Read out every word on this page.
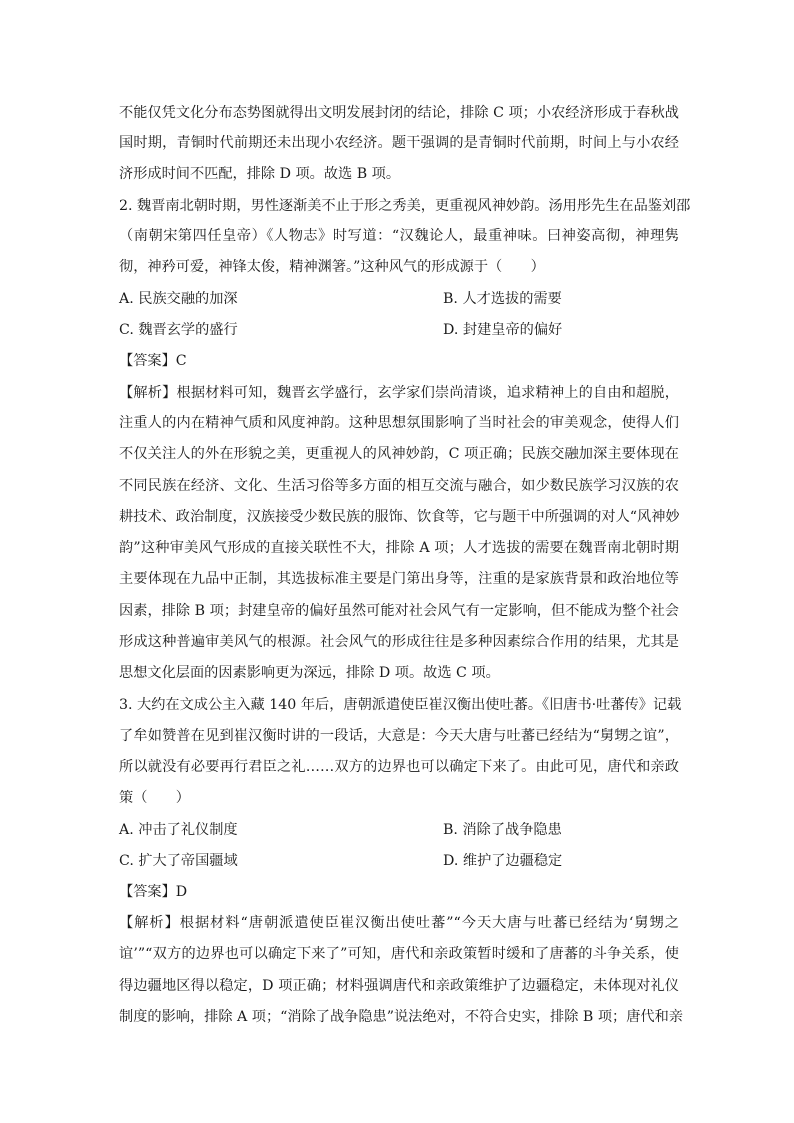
不能仅凭文化分布态势图就得出文明发展封闭的结论，排除 C 项；小农经济形成于春秋战
国时期，青铜时代前期还未出现小农经济。题干强调的是青铜时代前期，时间上与小农经
济形成时间不匹配，排除 D 项。故选 B 项。
2. 魏晋南北朝时期，男性逐渐美不止于形之秀美，更重视风神妙韵。汤用彤先生在品鉴刘邵
（南朝宋第四任皇帝）《人物志》时写道：“汉魏论人，最重神味。曰神姿高彻，神理隽
彻，神矜可爱，神锋太俊，精神渊箸。”这种风气的形成源于（　　）
A. 民族交融的加深	B. 人才选拔的需要
C. 魏晋玄学的盛行	D. 封建皇帝的偏好
【答案】C
【解析】根据材料可知，魏晋玄学盛行，玄学家们崇尚清谈，追求精神上的自由和超脱，
注重人的内在精神气质和风度神韵。这种思想氛围影响了当时社会的审美观念，使得人们
不仅关注人的外在形貌之美，更重视人的风神妙韵，C 项正确；民族交融加深主要体现在
不同民族在经济、文化、生活习俗等多方面的相互交流与融合，如少数民族学习汉族的农
耕技术、政治制度，汉族接受少数民族的服饰、饮食等，它与题干中所强调的对人“风神妙
韵”这种审美风气形成的直接关联性不大，排除 A 项；人才选拔的需要在魏晋南北朝时期
主要体现在九品中正制，其选拔标准主要是门第出身等，注重的是家族背景和政治地位等
因素，排除 B 项；封建皇帝的偏好虽然可能对社会风气有一定影响，但不能成为整个社会
形成这种普遍审美风气的根源。社会风气的形成往往是多种因素综合作用的结果，尤其是
思想文化层面的因素影响更为深远，排除 D 项。故选 C 项。
3. 大约在文成公主入藏 140 年后，唐朝派遣使臣崔汉衡出使吐蕃。《旧唐书·吐蕃传》记载
了牟如赞普在见到崔汉衡时讲的一段话，大意是：今天大唐与吐蕃已经结为“舅甥之谊”，
所以就没有必要再行君臣之礼……双方的边界也可以确定下来了。由此可见，唐代和亲政
策（　　）
A. 冲击了礼仪制度	B. 消除了战争隐患
C. 扩大了帝国疆域	D. 维护了边疆稳定
【答案】D
【解析】根据材料“唐朝派遣使臣崔汉衡出使吐蕃”“今天大唐与吐蕃已经结为‘舅甥之
谊’”“双方的边界也可以确定下来了”可知，唐代和亲政策暂时缓和了唐蕃的斗争关系，使
得边疆地区得以稳定，D 项正确；材料强调唐代和亲政策维护了边疆稳定，未体现对礼仪
制度的影响，排除 A 项；“消除了战争隐患”说法绝对，不符合史实，排除 B 项；唐代和亲
